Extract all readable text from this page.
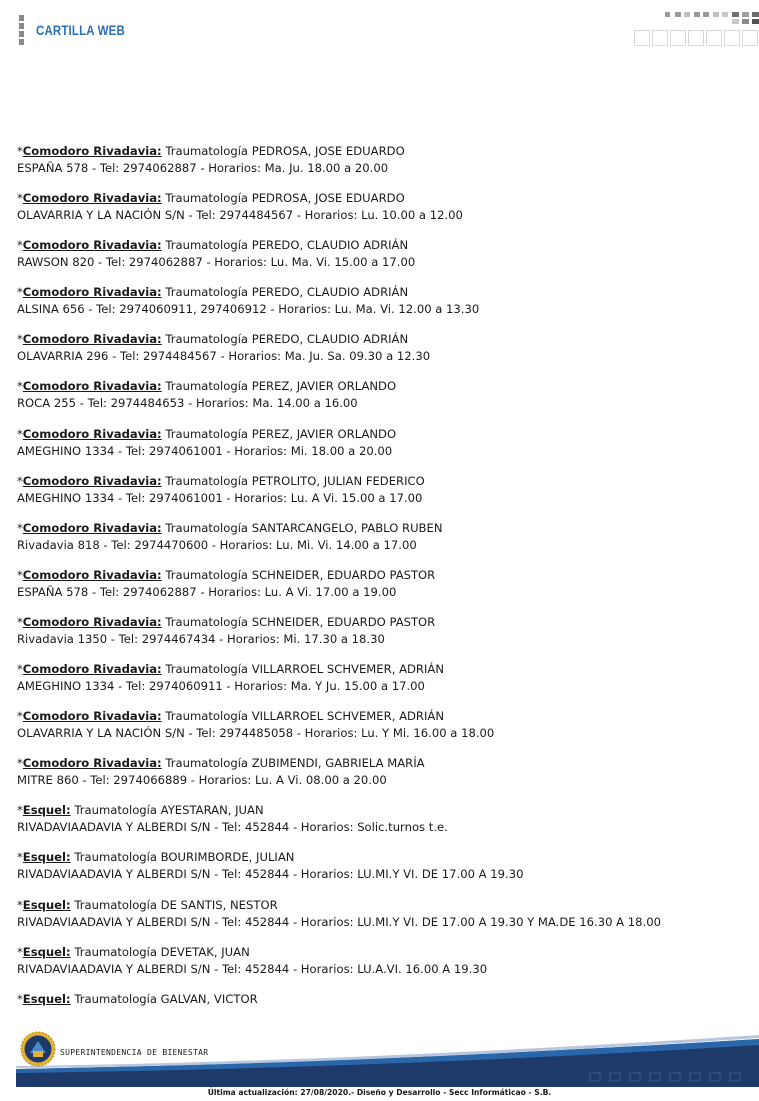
CARTILLA WEB
*Comodoro Rivadavia: Traumatología PEDROSA, JOSE EDUARDO
ESPAÑA 578 - Tel: 2974062887 - Horarios: Ma. Ju. 18.00 a 20.00
*Comodoro Rivadavia: Traumatología PEDROSA, JOSE EDUARDO
OLAVARRIA Y LA NACIÓN S/N - Tel: 2974484567 - Horarios: Lu. 10.00 a 12.00
*Comodoro Rivadavia: Traumatología PEREDO, CLAUDIO ADRIÁN
RAWSON 820 - Tel: 2974062887 - Horarios: Lu. Ma. Vi. 15.00 a 17.00
*Comodoro Rivadavia: Traumatología PEREDO, CLAUDIO ADRIÁN
ALSINA 656 - Tel: 2974060911, 297406912 - Horarios: Lu. Ma. Vi. 12.00 a 13.30
*Comodoro Rivadavia: Traumatología PEREDO, CLAUDIO ADRIÁN
OLAVARRIA 296 - Tel: 2974484567 - Horarios: Ma. Ju. Sa. 09.30 a 12.30
*Comodoro Rivadavia: Traumatología PEREZ, JAVIER ORLANDO
ROCA 255 - Tel: 2974484653 - Horarios: Ma. 14.00 a 16.00
*Comodoro Rivadavia: Traumatología PEREZ, JAVIER ORLANDO
AMEGHINO 1334 - Tel: 2974061001 - Horarios: Mi. 18.00 a 20.00
*Comodoro Rivadavia: Traumatología PETROLITO, JULIAN FEDERICO
AMEGHINO 1334 - Tel: 2974061001 - Horarios: Lu. A Vi. 15.00 a 17.00
*Comodoro Rivadavia: Traumatología SANTARCANGELO, PABLO RUBEN
Rivadavia 818 - Tel: 2974470600 - Horarios: Lu. Mi. Vi. 14.00 a 17.00
*Comodoro Rivadavia: Traumatología SCHNEIDER, EDUARDO PASTOR
ESPAÑA 578 - Tel: 2974062887 - Horarios: Lu. A Vi. 17.00 a 19.00
*Comodoro Rivadavia: Traumatología SCHNEIDER, EDUARDO PASTOR
Rivadavia 1350 - Tel: 2974467434 - Horarios: Mi. 17.30 a 18.30
*Comodoro Rivadavia: Traumatología VILLARROEL SCHVEMER, ADRIÁN
AMEGHINO 1334 - Tel: 2974060911 - Horarios: Ma. Y Ju. 15.00 a 17.00
*Comodoro Rivadavia: Traumatología VILLARROEL SCHVEMER, ADRIÁN
OLAVARRIA Y LA NACIÓN S/N - Tel: 2974485058 - Horarios: Lu. Y Mi. 16.00 a 18.00
*Comodoro Rivadavia: Traumatología ZUBIMENDI, GABRIELA MARÍA
MITRE 860 - Tel: 2974066889 - Horarios: Lu. A Vi. 08.00 a 20.00
*Esquel: Traumatología AYESTARAN, JUAN
RIVADAVIAADAVIA Y ALBERDI S/N - Tel: 452844 - Horarios: Solic.turnos t.e.
*Esquel: Traumatología BOURIMBORDE, JULIAN
RIVADAVIAADAVIA Y ALBERDI S/N - Tel: 452844 - Horarios: LU.MI.Y VI. DE 17.00 A 19.30
*Esquel: Traumatología DE SANTIS, NESTOR
RIVADAVIAADAVIA Y ALBERDI S/N - Tel: 452844 - Horarios: LU.MI.Y VI. DE 17.00 A 19.30 Y MA.DE 16.30 A 18.00
*Esquel: Traumatología DEVETAK, JUAN
RIVADAVIAADAVIA Y ALBERDI S/N - Tel: 452844 - Horarios: LU.A.VI. 16.00 A 19.30
*Esquel: Traumatología GALVAN, VICTOR
SUPERINTENDENCIA DE BIENESTAR
Última actualización: 27/08/2020.- Diseño y Desarrollo - Secc Informáticao - S.B.
